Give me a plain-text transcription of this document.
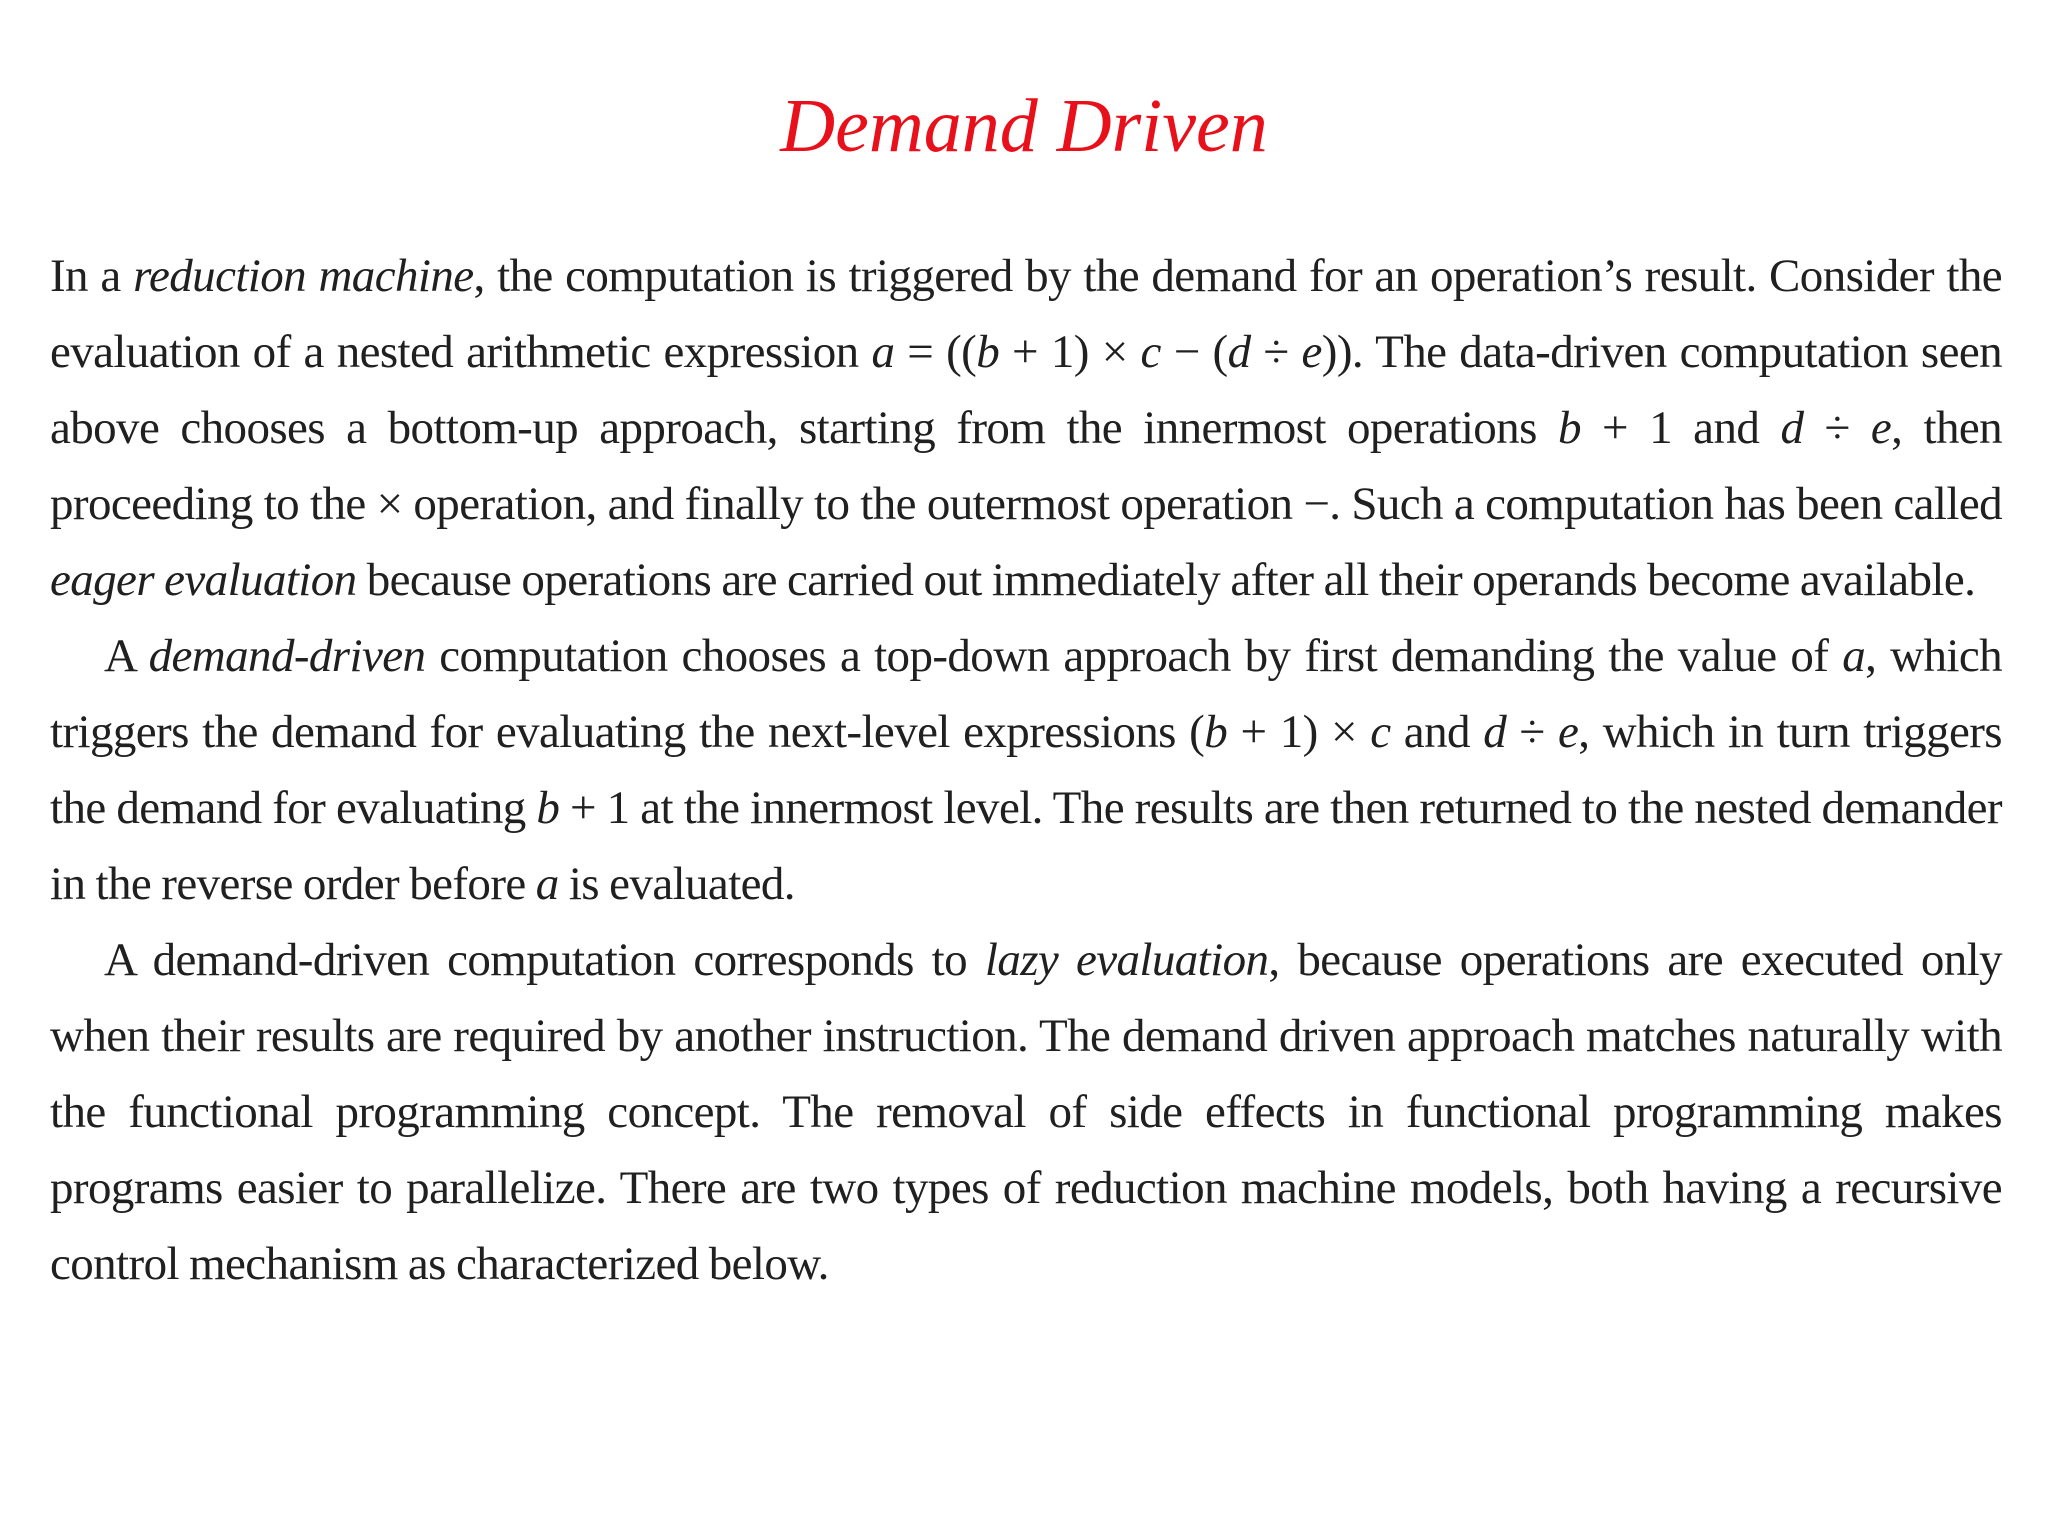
Demand Driven

In a reduction machine, the computation is triggered by the demand for an operation’s result. Consider the evaluation of a nested arithmetic expression a = ((b + 1) × c − (d ÷ e)). The data-driven computation seen above chooses a bottom-up approach, starting from the innermost operations b + 1 and d ÷ e, then proceeding to the × operation, and finally to the outermost operation −. Such a computation has been called eager evaluation because operations are carried out immediately after all their operands become available.

A demand-driven computation chooses a top-down approach by first demanding the value of a, which triggers the demand for evaluating the next-level expressions (b + 1) × c and d ÷ e, which in turn triggers the demand for evaluating b + 1 at the innermost level. The results are then returned to the nested demander in the reverse order before a is evaluated.

A demand-driven computation corresponds to lazy evaluation, because operations are executed only when their results are required by another instruction. The demand driven approach matches naturally with the functional programming concept. The removal of side effects in functional programming makes programs easier to parallelize. There are two types of reduction machine models, both having a recursive control mechanism as characterized below.
